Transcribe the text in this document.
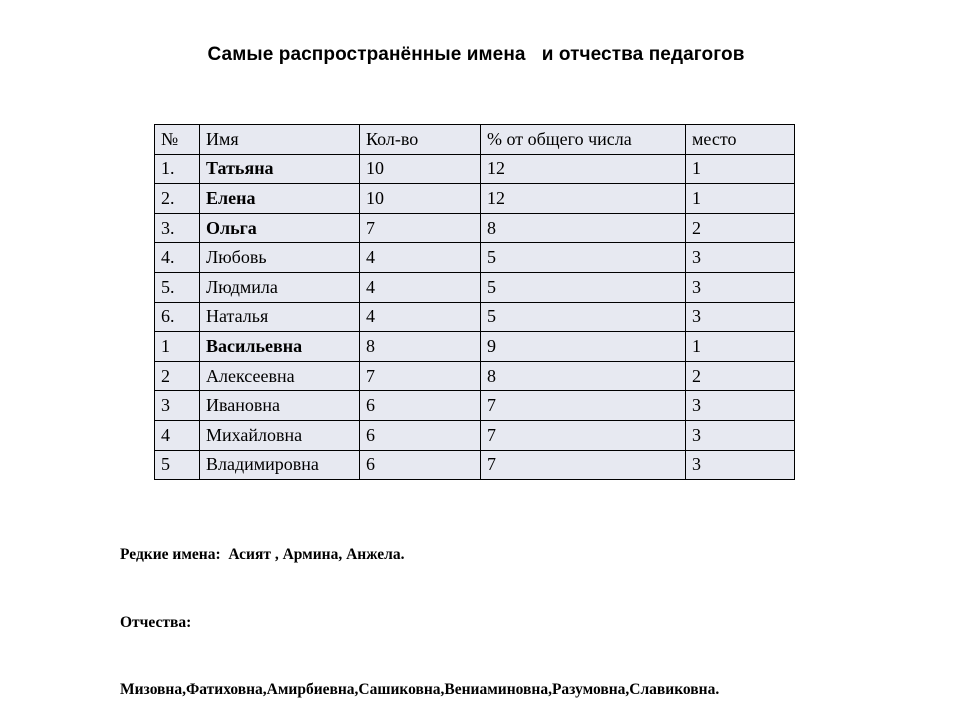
Самые распространённые имена   и отчества педагогов
№	Имя	Кол-во	% от общего числа	место
1.	Татьяна	10	12	1
2.	Елена	10	12	1
3.	Ольга	7	8	2
4.	Любовь	4	5	3
5.	Людмила	4	5	3
6.	Наталья	4	5	3
1	Васильевна	8	9	1
2	Алексеевна	7	8	2
3	Ивановна	6	7	3
4	Михайловна	6	7	3
5	Владимировна	6	7	3

Редкие имена:  Асият , Армина, Анжела.

Отчества:

Мизовна,Фатиховна,Амирбиевна,Сашиковна,Вениаминовна,Разумовна,Славиковна.
